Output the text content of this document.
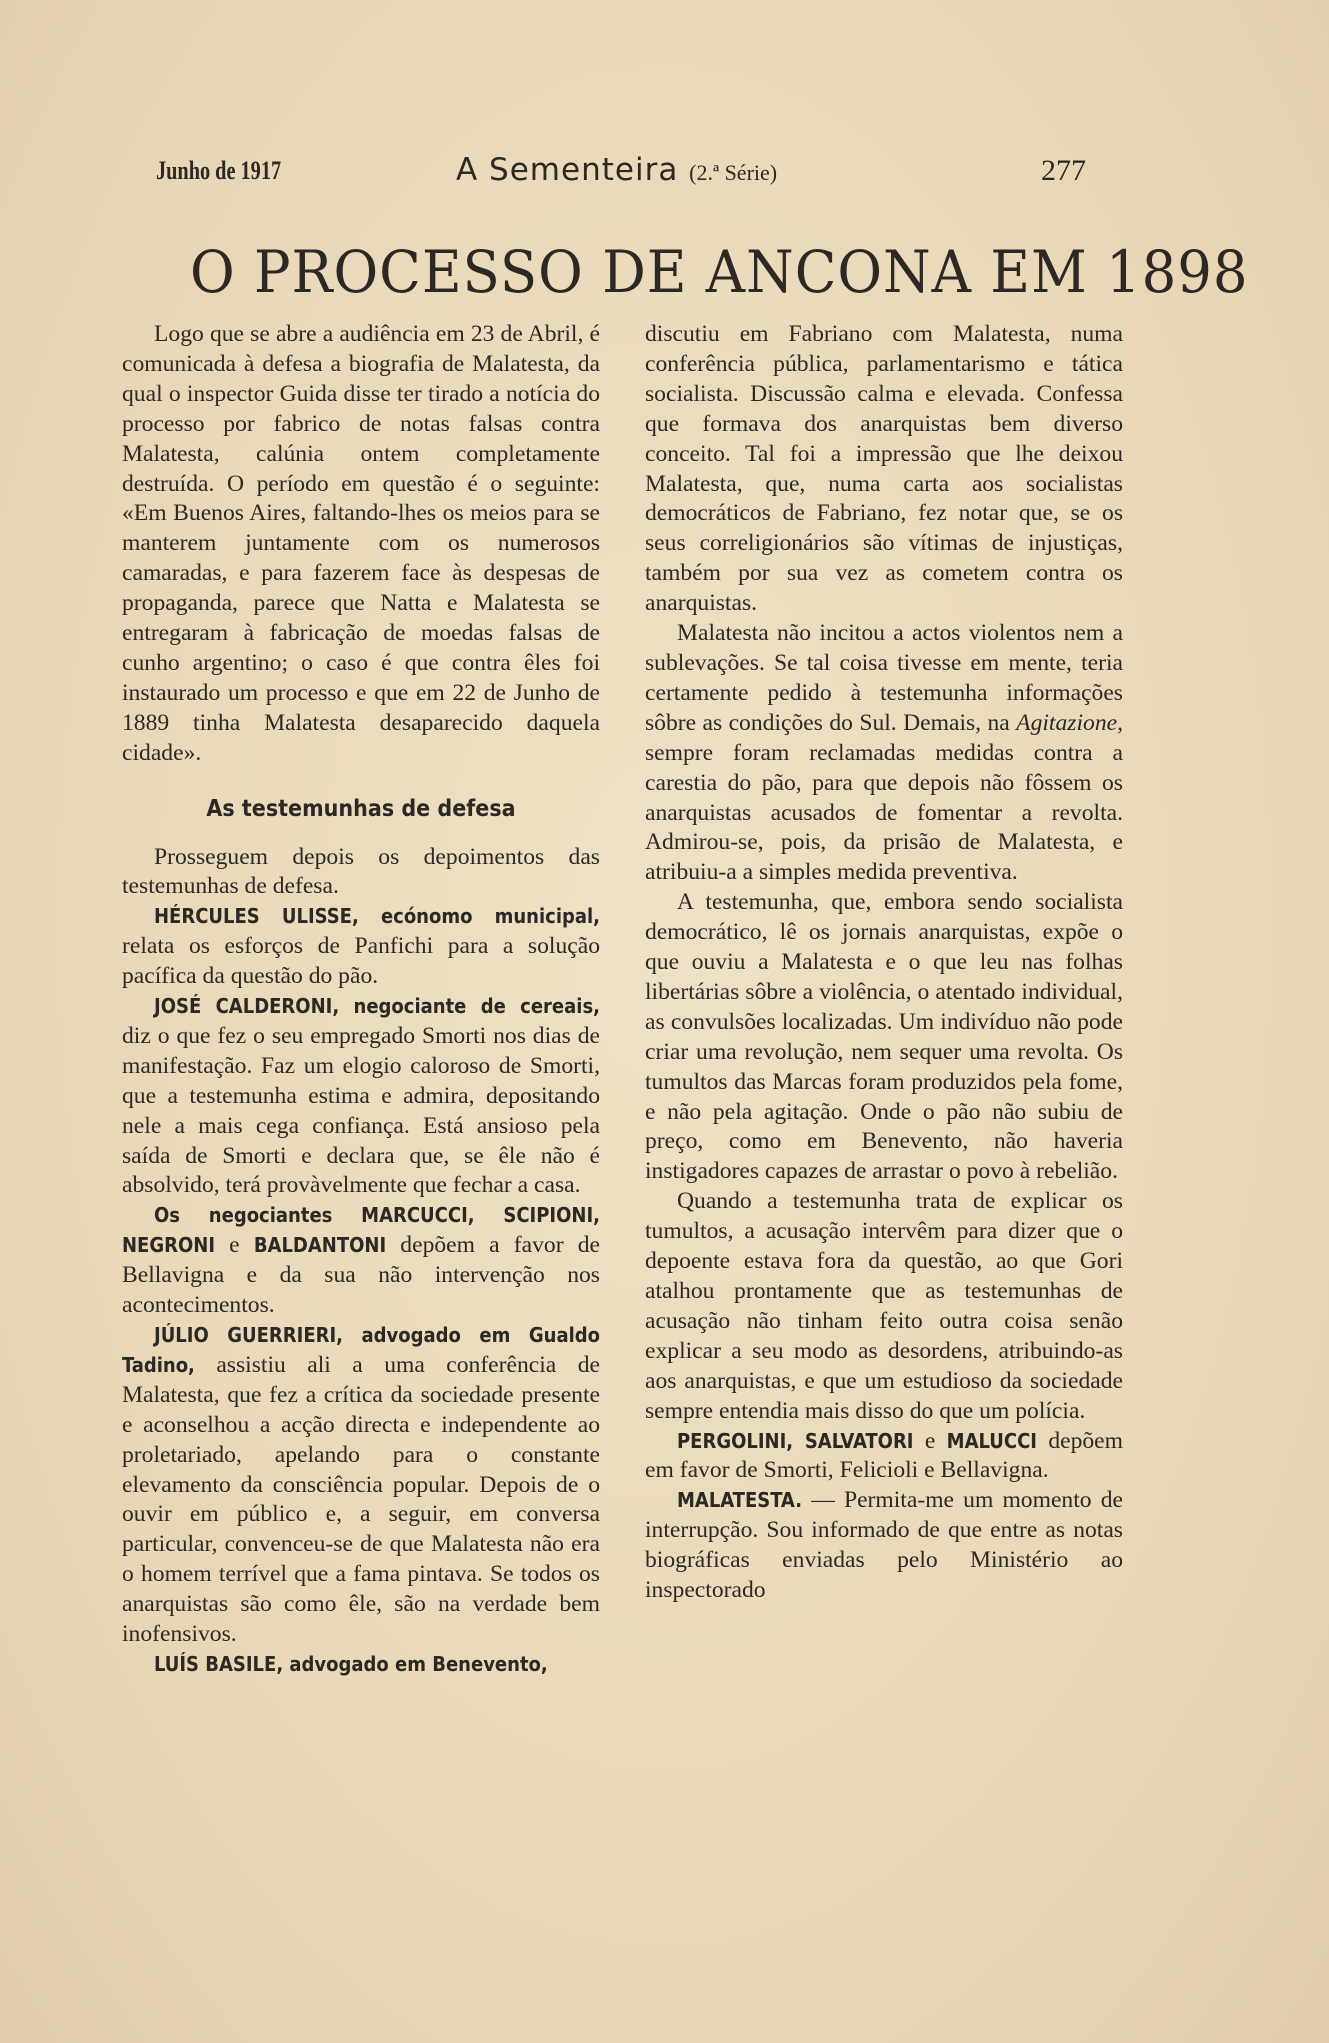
Junho de 1917	A Sementeira (2.ª Série)	277
O PROCESSO DE ANCONA EM 1898

Logo que se abre a audiência em 23 de Abril, é comunicada à defesa a biografia de Malatesta, da qual o inspector Guida disse ter tirado a notícia do processo por fabrico de notas falsas contra Malatesta, calúnia ontem completamente destruída. O período em questão é o seguinte: «Em Buenos Aires, faltando-lhes os meios para se manterem juntamente com os numerosos camaradas, e para fazerem face às despesas de propaganda, parece que Natta e Malatesta se entregaram à fabricação de moedas falsas de cunho argentino; o caso é que contra êles foi instaurado um processo e que em 22 de Junho de 1889 tinha Malatesta desaparecido daquela cidade».

As testemunhas de defesa

Prosseguem depois os depoimentos das testemunhas de defesa.

HÉRCULES ULISSE, ecónomo municipal, relata os esforços de Panfichi para a solução pacífica da questão do pão.

JOSÉ CALDERONI, negociante de cereais, diz o que fez o seu empregado Smorti nos dias de manifestação. Faz um elogio caloroso de Smorti, que a testemunha estima e admira, depositando nele a mais cega confiança. Está ansioso pela saída de Smorti e declara que, se êle não é absolvido, terá provàvelmente que fechar a casa.

Os negociantes MARCUCCI, SCIPIONI, NEGRONI e BALDANTONI depõem a favor de Bellavigna e da sua não intervenção nos acontecimentos.

JÚLIO GUERRIERI, advogado em Gualdo Tadino, assistiu ali a uma conferência de Malatesta, que fez a crítica da sociedade presente e aconselhou a acção directa e independente ao proletariado, apelando para o constante elevamento da consciência popular. Depois de o ouvir em público e, a seguir, em conversa particular, convenceu-se de que Malatesta não era o homem terrível que a fama pintava. Se todos os anarquistas são como êle, são na verdade bem inofensivos.

LUÍS BASILE, advogado em Benevento,

discutiu em Fabriano com Malatesta, numa conferência pública, parlamentarismo e tática socialista. Discussão calma e elevada. Confessa que formava dos anarquistas bem diverso conceito. Tal foi a impressão que lhe deixou Malatesta, que, numa carta aos socialistas democráticos de Fabriano, fez notar que, se os seus correligionários são vítimas de injustiças, também por sua vez as cometem contra os anarquistas.

Malatesta não incitou a actos violentos nem a sublevações. Se tal coisa tivesse em mente, teria certamente pedido à testemunha informações sôbre as condições do Sul. Demais, na Agitazione, sempre foram reclamadas medidas contra a carestia do pão, para que depois não fôssem os anarquistas acusados de fomentar a revolta. Admirou-se, pois, da prisão de Malatesta, e atribuiu-a a simples medida preventiva.

A testemunha, que, embora sendo socialista democrático, lê os jornais anarquistas, expõe o que ouviu a Malatesta e o que leu nas folhas libertárias sôbre a violência, o atentado individual, as convulsões localizadas. Um indivíduo não pode criar uma revolução, nem sequer uma revolta. Os tumultos das Marcas foram produzidos pela fome, e não pela agitação. Onde o pão não subiu de preço, como em Benevento, não haveria instigadores capazes de arrastar o povo à rebelião.

Quando a testemunha trata de explicar os tumultos, a acusação intervêm para dizer que o depoente estava fora da questão, ao que Gori atalhou prontamente que as testemunhas de acusação não tinham feito outra coisa senão explicar a seu modo as desordens, atribuindo-as aos anarquistas, e que um estudioso da sociedade sempre entendia mais disso do que um polícia.

PERGOLINI, SALVATORI e MALUCCI depõem em favor de Smorti, Felicioli e Bellavigna.

MALATESTA. — Permita-me um momento de interrupção. Sou informado de que entre as notas biográficas enviadas pelo Ministério ao inspectorado
